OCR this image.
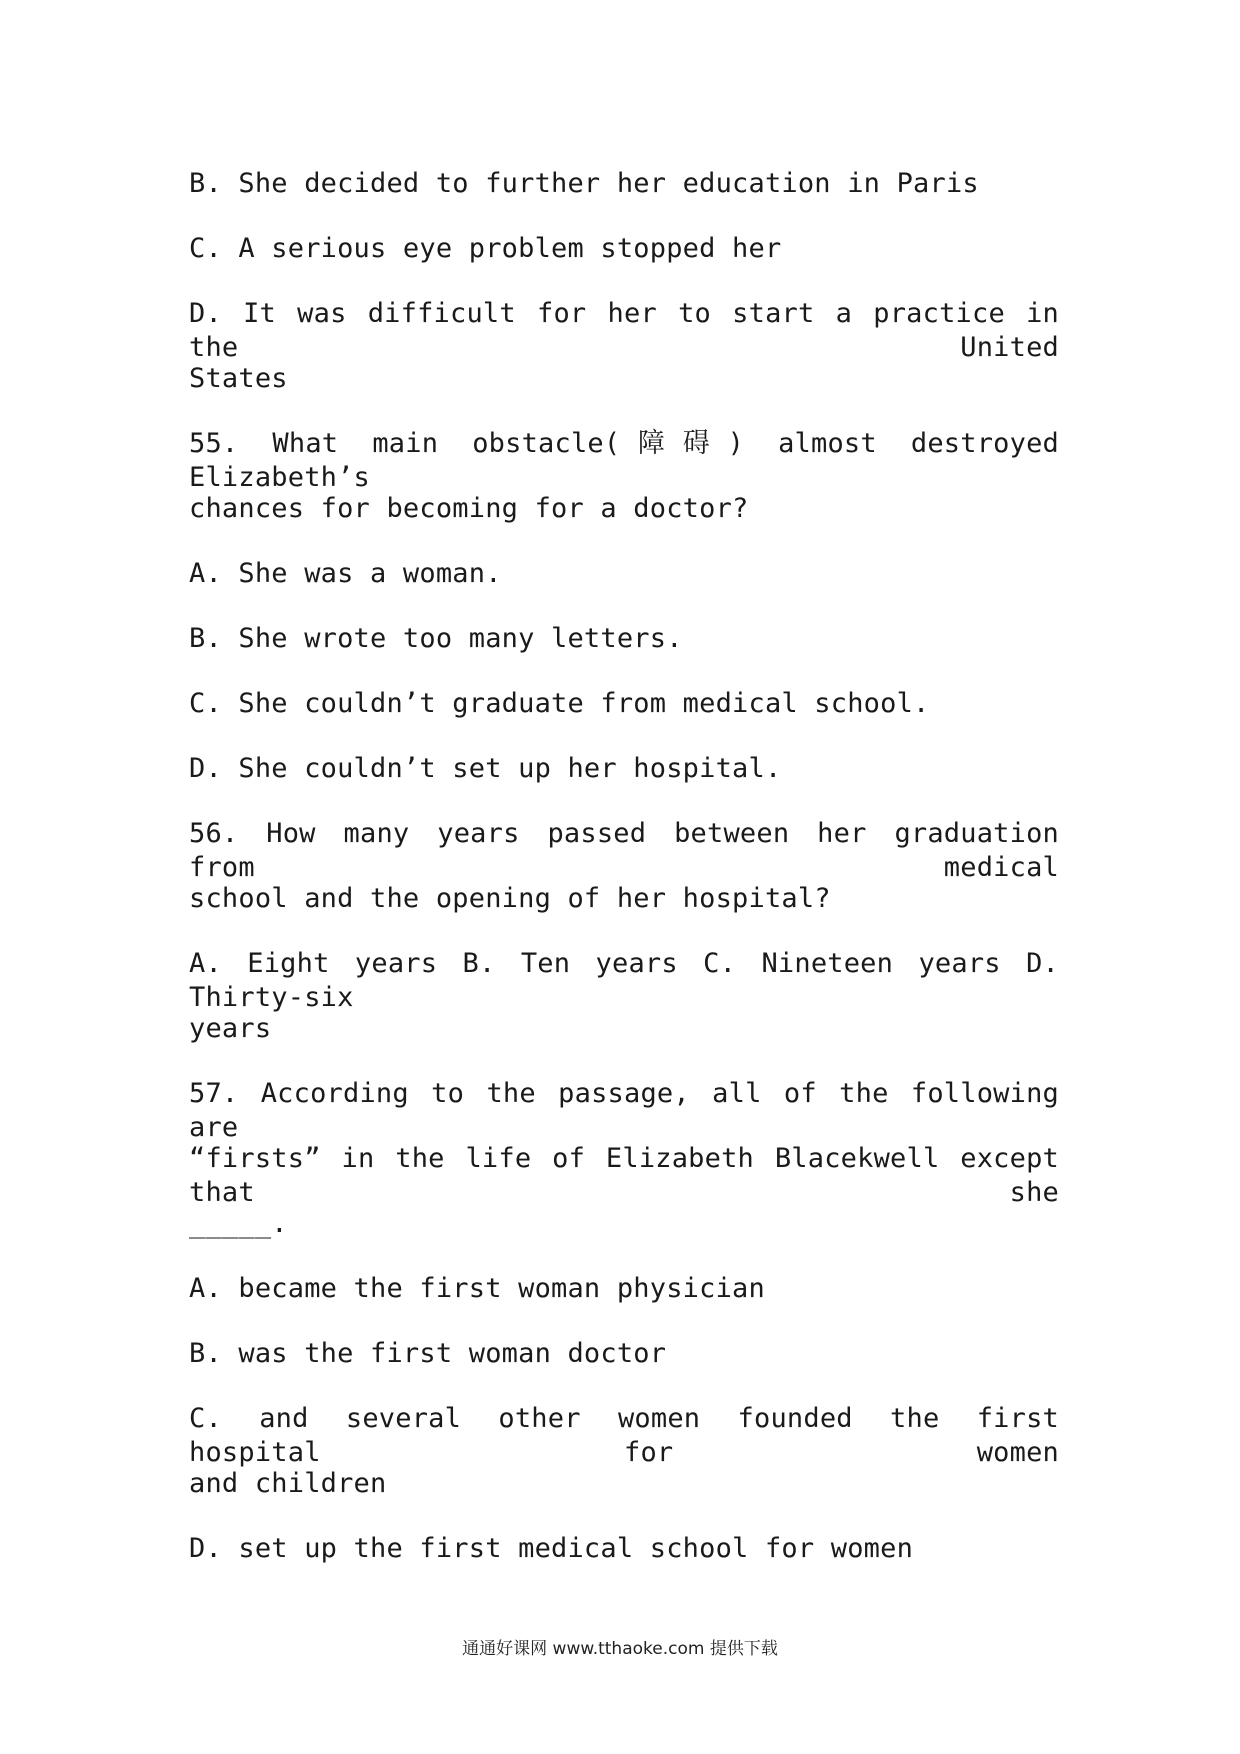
B. She decided to further her education in Paris
C. A serious eye problem stopped her
D. It was difficult for her to start a practice in the United
States
55. What main obstacle(障碍) almost destroyed Elizabeth’s
chances for becoming for a doctor?
A. She was a woman.
B. She wrote too many letters.
C. She couldn’t graduate from medical school.
D. She couldn’t set up her hospital.
56. How many years passed between her graduation from medical
school and the opening of her hospital?
A. Eight years B. Ten years C. Nineteen years D. Thirty-six
years
57. According to the passage, all of the following are
“firsts” in the life of Elizabeth Blacekwell except that she
_____.
A. became the first woman physician
B. was the first woman doctor
C. and several other women founded the first hospital for women
and children
D. set up the first medical school for women
通通好课网 www.tthaoke.com 提供下载
